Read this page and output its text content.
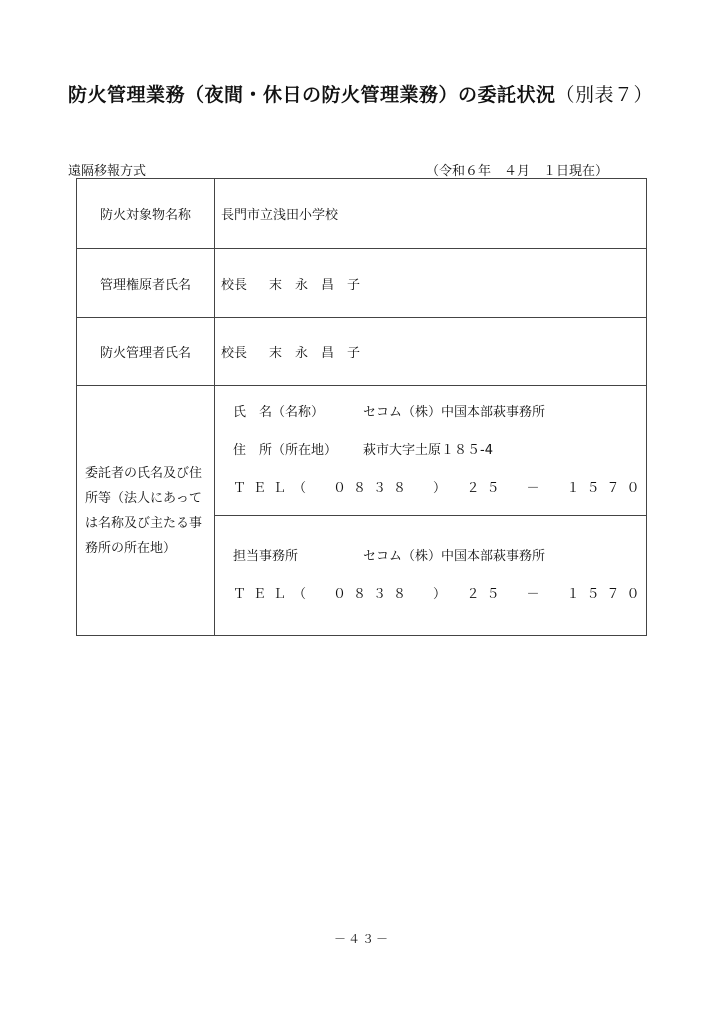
防火管理業務（夜間・休日の防火管理業務）の委託状況（別表７）
遠隔移報方式	（令和６年　４月　１日現在）
防火対象物名称	長門市立浅田小学校
管理権原者氏名	校長 末　永　昌　子
防火管理者氏名	校長 末　永　昌　子
委託者の氏名及び住所等（法人にあっては名称及び主たる事務所の所在地）	氏　名（名称） セコム（株）中国本部萩事務所
住　所（所在地） 萩市大字土原１８５-4
ＴＥＬ（　０８３８　）　２５　－　１５７０

	担当事務所 セコム（株）中国本部萩事務所
ＴＥＬ（　０８３８　）　２５　－　１５７０
－４３－
